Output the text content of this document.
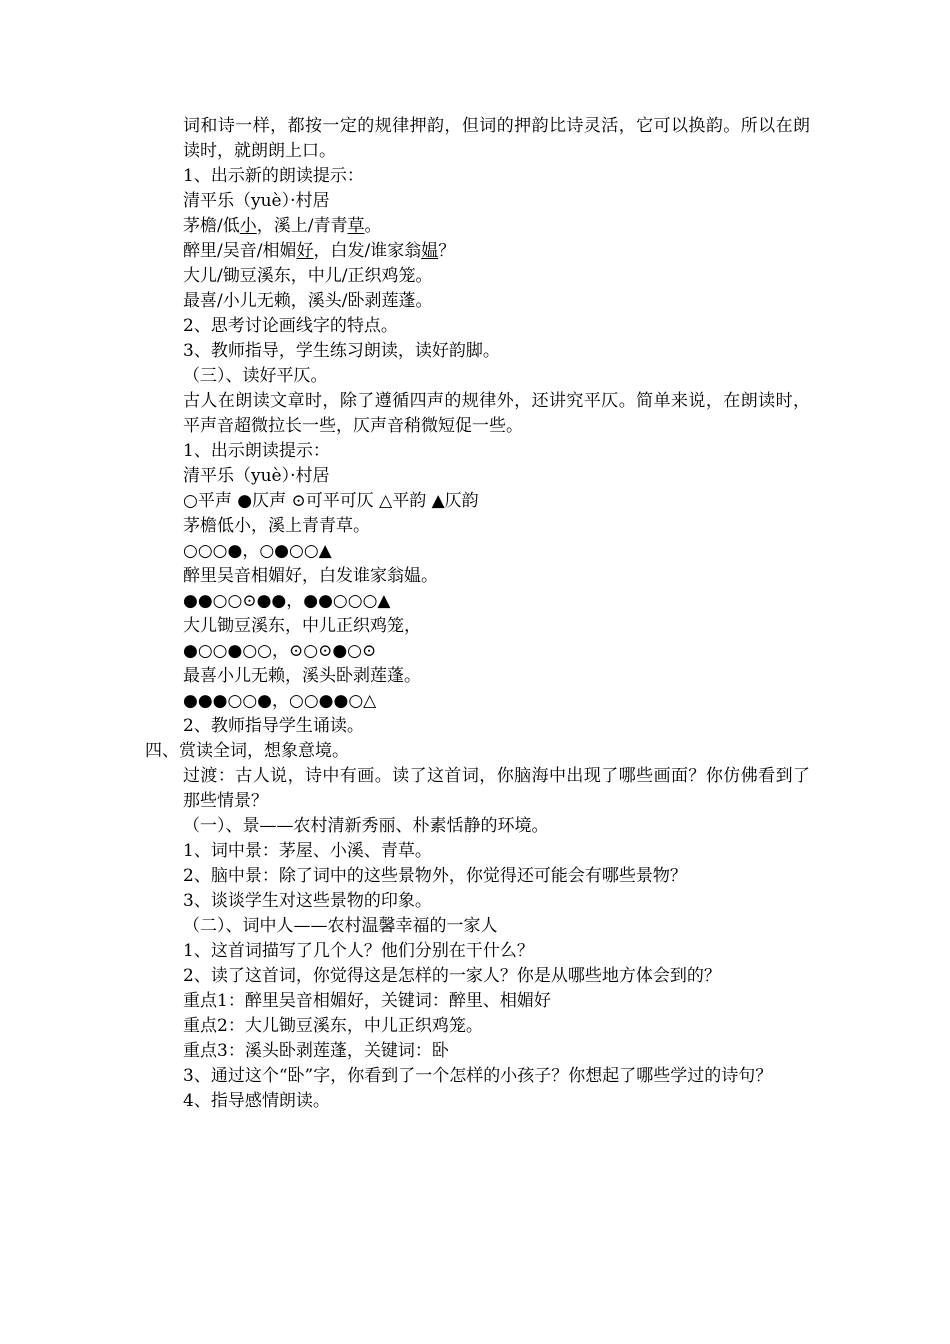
词和诗一样，都按一定的规律押韵，但词的押韵比诗灵活，它可以换韵。所以在朗读时，就朗朗上口。
1、出示新的朗读提示：
清平乐（yuè）·村居
茅檐/低小，溪上/青青草。
醉里/吴音/相媚好，白发/谁家翁媪？
大儿/锄豆溪东，中儿/正织鸡笼。
最喜/小儿无赖，溪头/卧剥莲蓬。
2、思考讨论画线字的特点。
3、教师指导，学生练习朗读，读好韵脚。
（三）、读好平仄。
古人在朗读文章时，除了遵循四声的规律外，还讲究平仄。简单来说，在朗读时，平声音超微拉长一些，仄声音稍微短促一些。
1、出示朗读提示：
清平乐（yuè）·村居
○平声 ●仄声 ⊙可平可仄 △平韵 ▲仄韵
茅檐低小，溪上青青草。
○○○●，○●○○▲
醉里吴音相媚好，白发谁家翁媪。
●●○○⊙●●，●●○○○▲
大儿锄豆溪东，中儿正织鸡笼，
●○○●○○，⊙○⊙●○⊙
最喜小儿无赖，溪头卧剥莲蓬。
●●●○○●，○○●●○△
2、教师指导学生诵读。
四、赏读全词，想象意境。
过渡：古人说，诗中有画。读了这首词，你脑海中出现了哪些画面？你仿佛看到了那些情景？
（一）、景——农村清新秀丽、朴素恬静的环境。
1、词中景：茅屋、小溪、青草。
2、脑中景：除了词中的这些景物外，你觉得还可能会有哪些景物？
3、谈谈学生对这些景物的印象。
（二）、词中人——农村温馨幸福的一家人
1、这首词描写了几个人？他们分别在干什么？
2、读了这首词，你觉得这是怎样的一家人？你是从哪些地方体会到的？
重点1：醉里吴音相媚好，关键词：醉里、相媚好
重点2：大儿锄豆溪东，中儿正织鸡笼。
重点3：溪头卧剥莲蓬，关键词：卧
3、通过这个“卧”字，你看到了一个怎样的小孩子？你想起了哪些学过的诗句？
4、指导感情朗读。
